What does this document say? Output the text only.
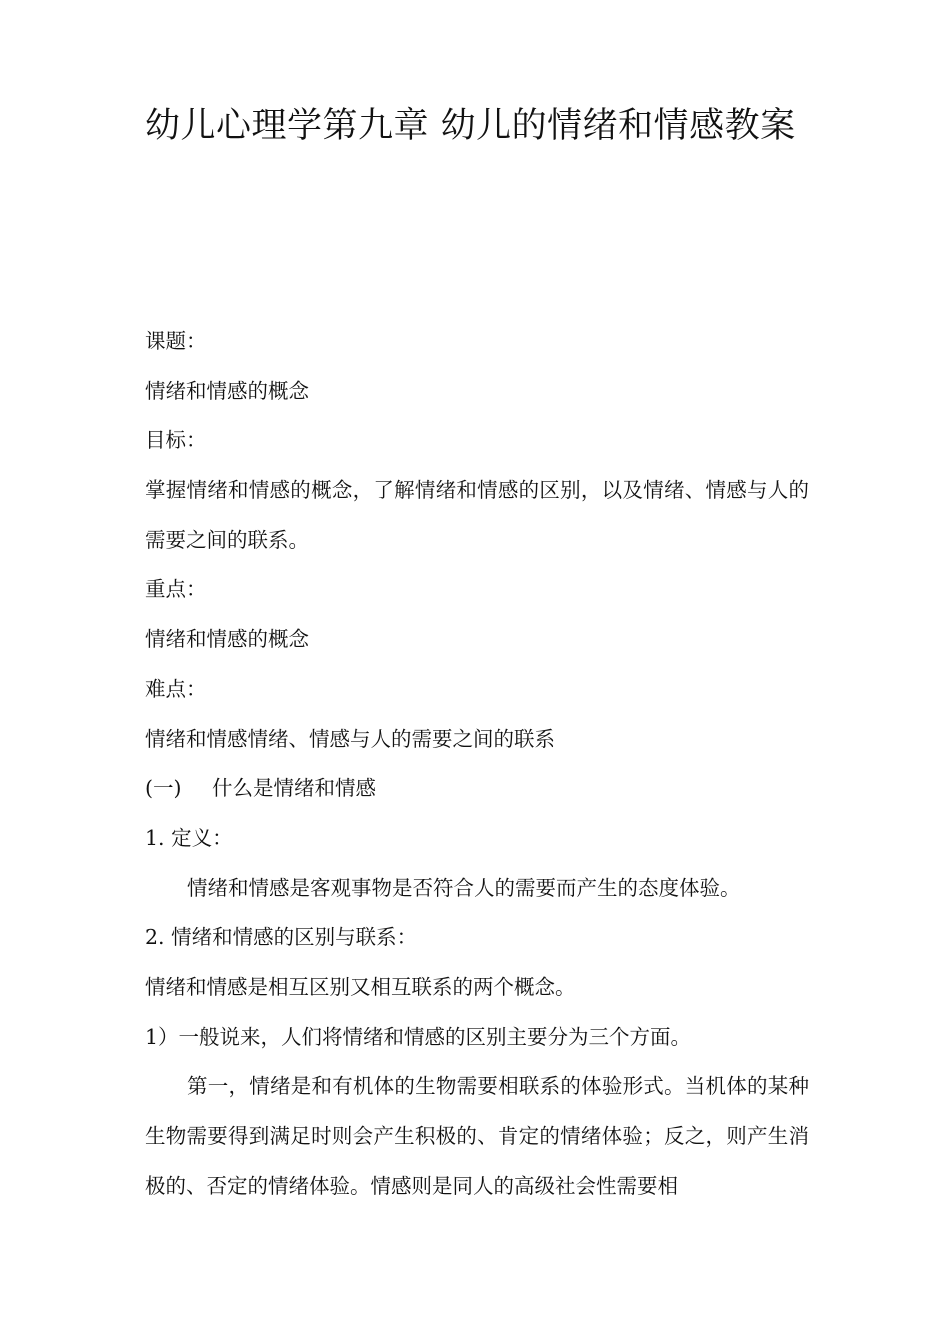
幼儿心理学第九章 幼儿的情绪和情感教案
课题：
情绪和情感的概念
目标：

掌握情绪和情感的概念，了解情绪和情感的区别，以及情绪、情感与人的需要之间的联系。

重点：
情绪和情感的概念
难点：
情绪和情感情绪、情感与人的需要之间的联系
(一) 什么是情绪和情感
1. 定义：

情绪和情感是客观事物是否符合人的需要而产生的态度体验。

2. 情绪和情感的区别与联系：
情绪和情感是相互区别又相互联系的两个概念。
1）一般说来，人们将情绪和情感的区别主要分为三个方面。

第一，情绪是和有机体的生物需要相联系的体验形式。当机体的某种生物需要得到满足时则会产生积极的、肯定的情绪体验；反之，则产生消极的、否定的情绪体验。情感则是同人的高级社会性需要相
